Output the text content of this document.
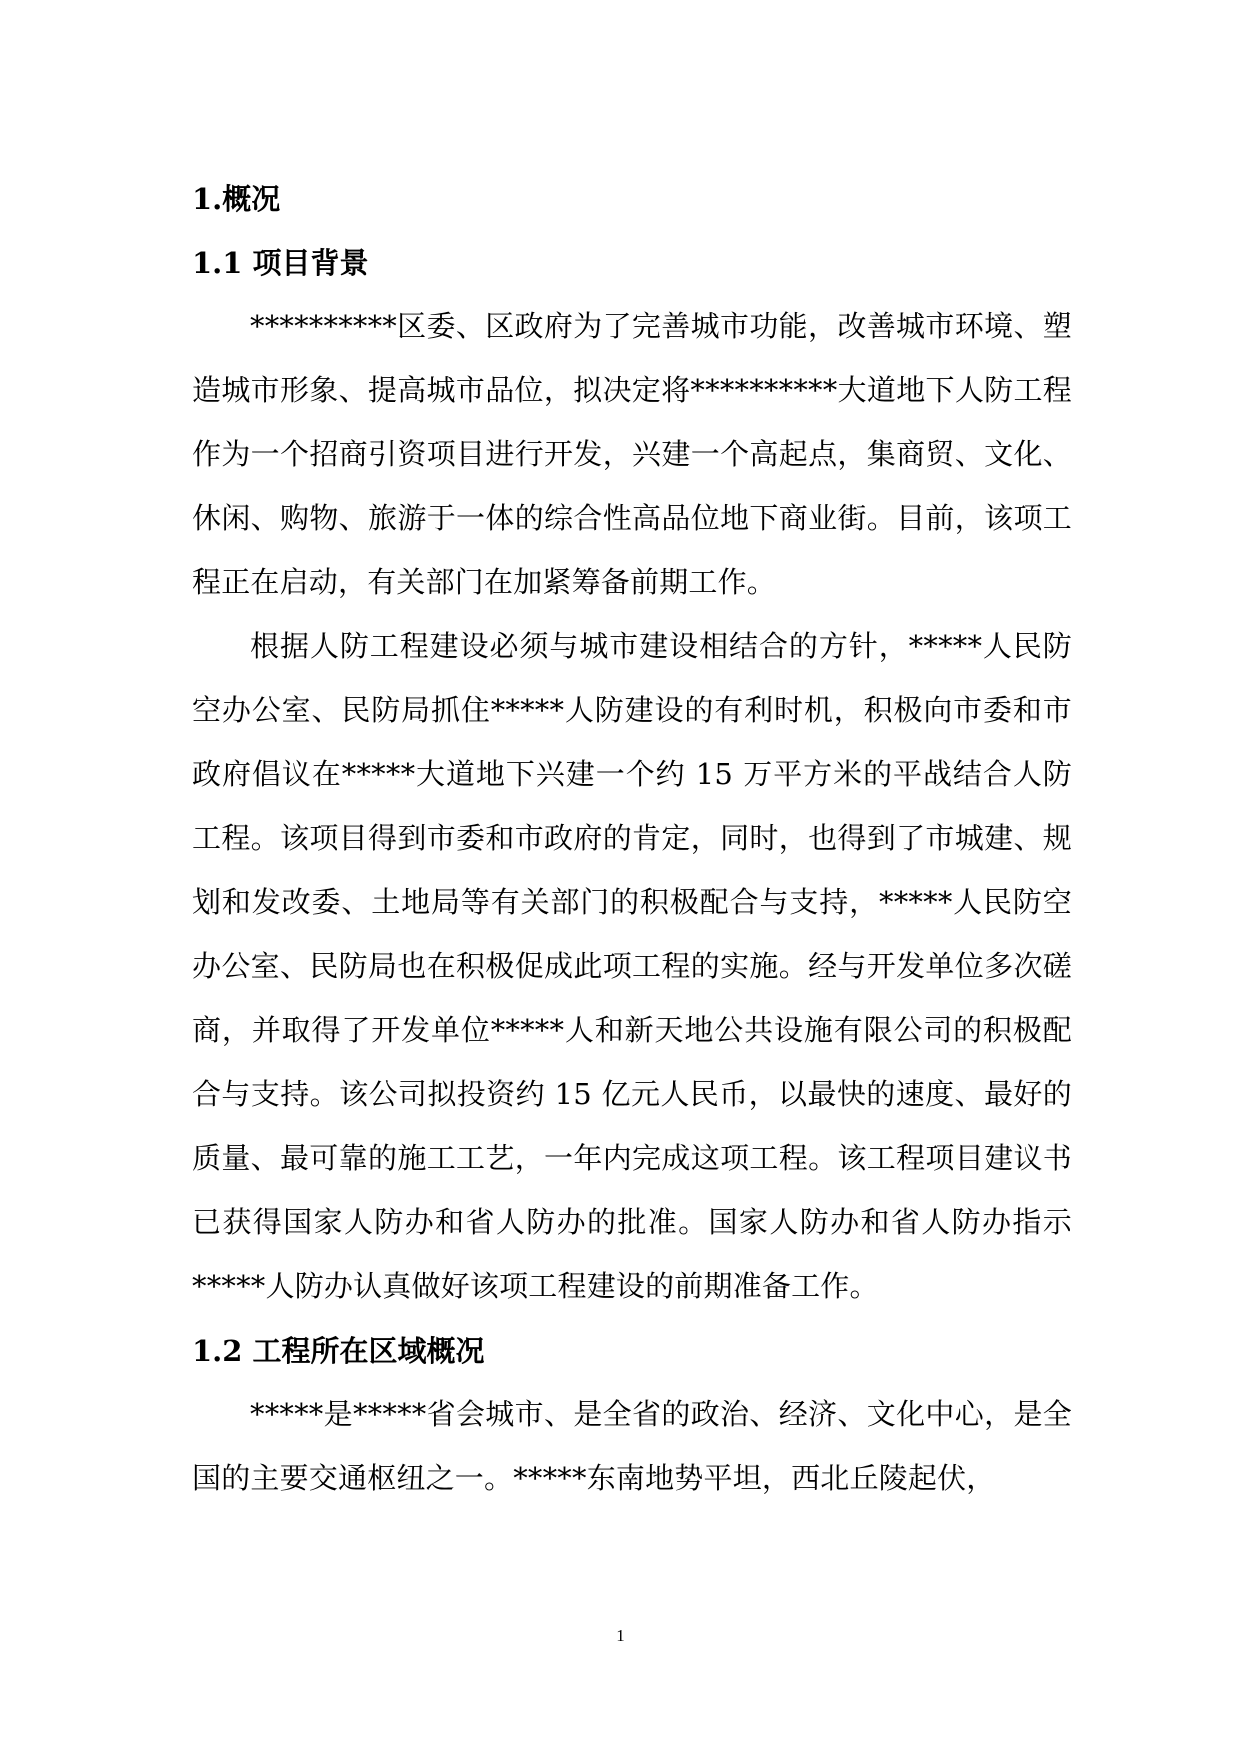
1.概况
1.1 项目背景

**********区委、区政府为了完善城市功能，改善城市环境、塑造城市形象、提高城市品位，拟决定将**********大道地下人防工程作为一个招商引资项目进行开发，兴建一个高起点，集商贸、文化、休闲、购物、旅游于一体的综合性高品位地下商业街。目前，该项工程正在启动，有关部门在加紧筹备前期工作。

根据人防工程建设必须与城市建设相结合的方针，*****人民防空办公室、民防局抓住*****人防建设的有利时机，积极向市委和市政府倡议在*****大道地下兴建一个约 15 万平方米的平战结合人防工程。该项目得到市委和市政府的肯定，同时，也得到了市城建、规划和发改委、土地局等有关部门的积极配合与支持，*****人民防空办公室、民防局也在积极促成此项工程的实施。经与开发单位多次磋商，并取得了开发单位*****人和新天地公共设施有限公司的积极配合与支持。该公司拟投资约 15 亿元人民币，以最快的速度、最好的质量、最可靠的施工工艺，一年内完成这项工程。该工程项目建议书已获得国家人防办和省人防办的批准。国家人防办和省人防办指示*****人防办认真做好该项工程建设的前期准备工作。

1.2 工程所在区域概况

*****是*****省会城市、是全省的政治、经济、文化中心，是全国的主要交通枢纽之一。*****东南地势平坦，西北丘陵起伏，

1
